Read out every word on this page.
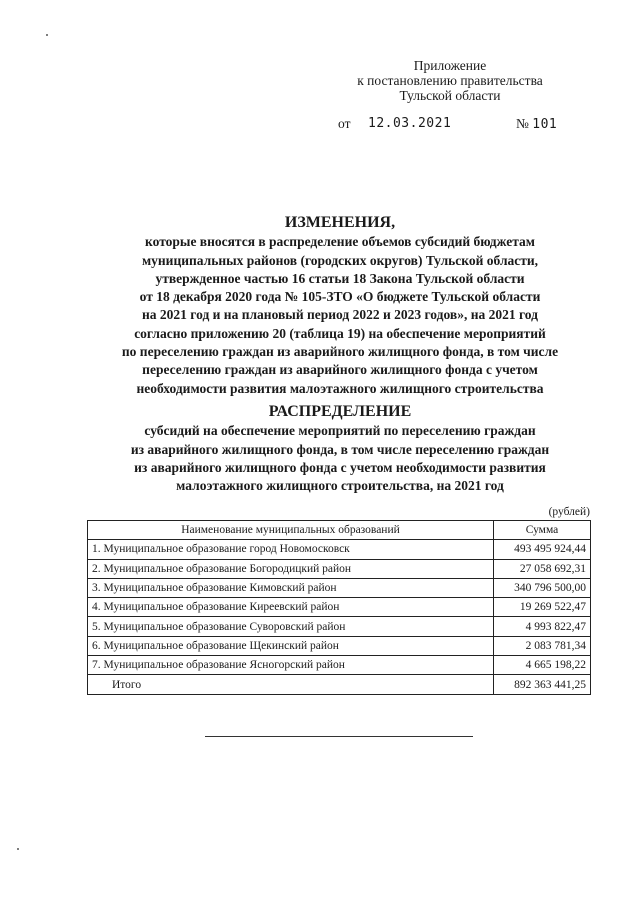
Приложение
к постановлению правительства
Тульской области
от 12.03.2021	№ 101
ИЗМЕНЕНИЯ,
которые вносятся в распределение объемов субсидий бюджетам
муниципальных районов (городских округов) Тульской области,
утвержденное частью 16 статьи 18 Закона Тульской области
от 18 декабря 2020 года № 105-ЗТО «О бюджете Тульской области
на 2021 год и на плановый период 2022 и 2023 годов», на 2021 год
согласно приложению 20 (таблица 19) на обеспечение мероприятий
по переселению граждан из аварийного жилищного фонда, в том числе
переселению граждан из аварийного жилищного фонда с учетом
необходимости развития малоэтажного жилищного строительства
РАСПРЕДЕЛЕНИЕ
субсидий на обеспечение мероприятий по переселению граждан
из аварийного жилищного фонда, в том числе переселению граждан
из аварийного жилищного фонда с учетом необходимости развития
малоэтажного жилищного строительства, на 2021 год
(рублей)
Наименование муниципальных образований	Сумма
1. Муниципальное образование город Новомосковск	493 495 924,44
2. Муниципальное образование Богородицкий район	27 058 692,31
3. Муниципальное образование Кимовский район	340 796 500,00
4. Муниципальное образование Киреевский район	19 269 522,47
5. Муниципальное образование Суворовский район	4 993 822,47
6. Муниципальное образование Щекинский район	2 083 781,34
7. Муниципальное образование Ясногорский район	4 665 198,22
Итого	892 363 441,25
